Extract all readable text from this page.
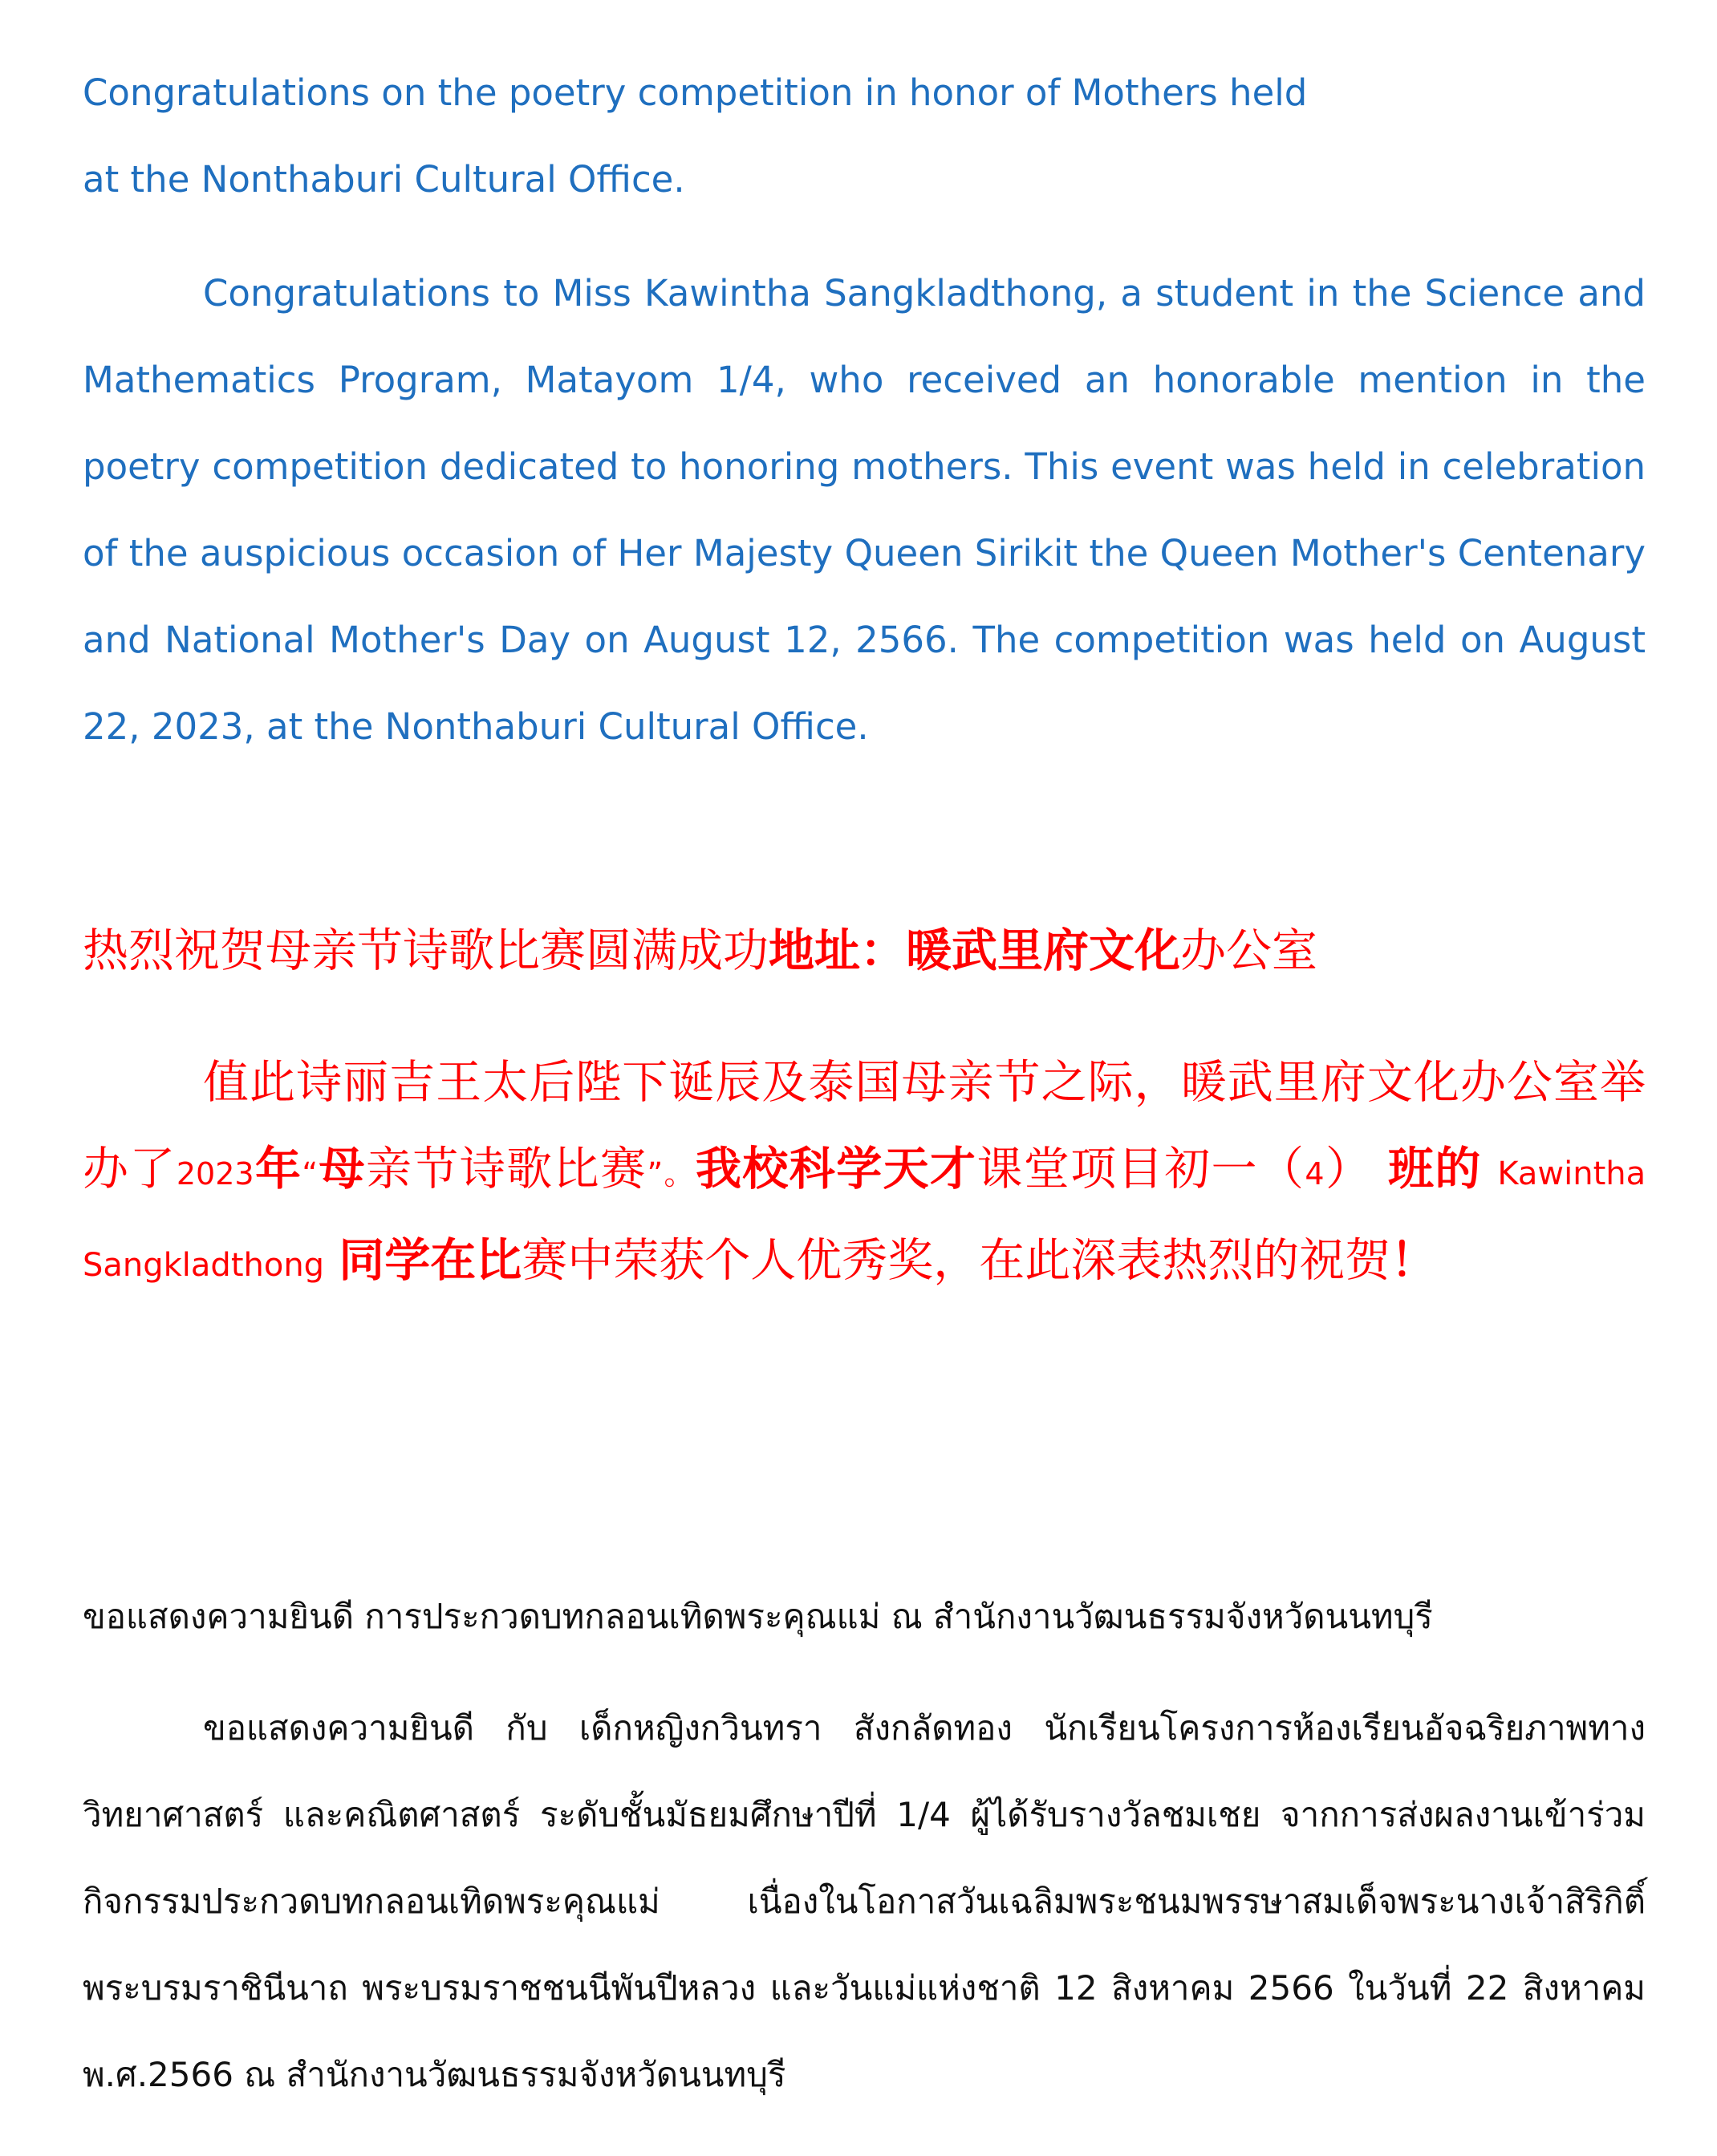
Congratulations on the poetry competition in honor of Mothers held
at the Nonthaburi Cultural Office.
Congratulations to Miss Kawintha Sangkladthong, a student in the Science and Mathematics Program, Matayom 1/4, who received an honorable mention in the poetry competition dedicated to honoring mothers. This event was held in celebration of the auspicious occasion of Her Majesty Queen Sirikit the Queen Mother's Centenary and National Mother's Day on August 12, 2566. The competition was held on August 22, 2023, at the Nonthaburi Cultural Office.
热烈祝贺母亲节诗歌比赛圆满成功地址：暖武里府文化办公室
值此诗丽吉王太后陛下诞辰及泰国母亲节之际，暖武里府文化办公室举办了2023年“母亲节诗歌比赛”。我校科学天才课堂项目初一（4） 班的 Kawintha Sangkladthong 同学在比赛中荣获个人优秀奖，在此深表热烈的祝贺！
ขอแสดงความยินดี การประกวดบทกลอนเทิดพระคุณแม่ ณ สำนักงานวัฒนธรรมจังหวัดนนทบุรี
ขอแสดงความยินดี กับ เด็กหญิงกวินทรา สังกลัดทอง นักเรียนโครงการห้องเรียนอัจฉริยภาพทางวิทยาศาสตร์ และคณิตศาสตร์ ระดับชั้นมัธยมศึกษาปีที่ 1/4 ผู้ได้รับรางวัลชมเชย จากการส่งผลงานเข้าร่วมกิจกรรมประกวดบทกลอนเทิดพระคุณแม่ เนื่องในโอกาสวันเฉลิมพระชนมพรรษาสมเด็จพระนางเจ้าสิริกิติ์ พระบรมราชินีนาถ พระบรมราชชนนีพันปีหลวง และวันแม่แห่งชาติ 12 สิงหาคม 2566 ในวันที่ 22 สิงหาคม พ.ศ.2566 ณ สำนักงานวัฒนธรรมจังหวัดนนทบุรี
